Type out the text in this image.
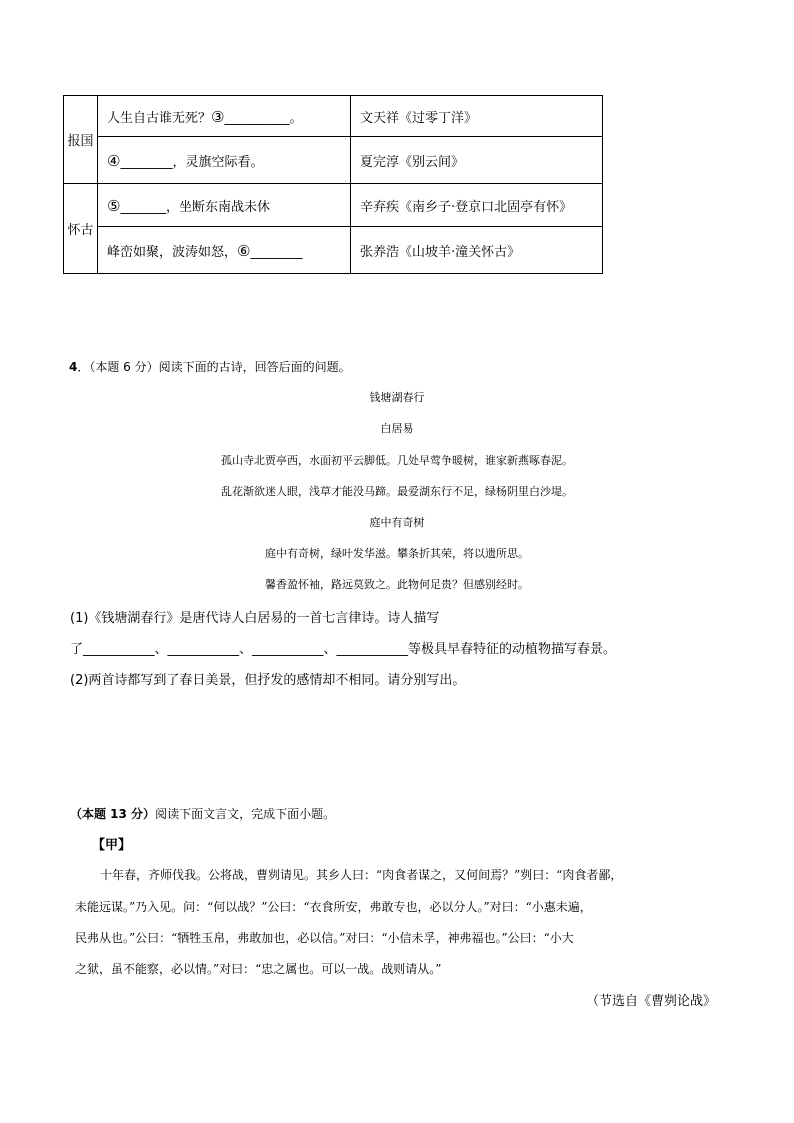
报国	人生自古谁无死？③__________。	文天祥《过零丁洋》
	④________，灵旗空际看。	夏完淳《别云间》
怀古	⑤_______，坐断东南战未休	辛弃疾《南乡子·登京口北固亭有怀》
	峰峦如聚，波涛如怒，⑥________	张养浩《山坡羊·潼关怀古》
4．（本题 6 分）阅读下面的古诗，回答后面的问题。
钱塘湖春行
白居易
孤山寺北贾亭西，水面初平云脚低。几处早莺争暖树，谁家新燕啄春泥。
乱花渐欲迷人眼，浅草才能没马蹄。最爱湖东行不足，绿杨阴里白沙堤。
庭中有奇树
庭中有奇树，绿叶发华滋。攀条折其荣，将以遗所思。
馨香盈怀袖，路远莫致之。此物何足贵？但感别经时。
(1)《钱塘湖春行》是唐代诗人白居易的一首七言律诗。诗人描写
了___________、___________、___________、___________等极具早春特征的动植物描写春景。
(2)两首诗都写到了春日美景，但抒发的感情却不相同。请分别写出。
（本题 13 分）阅读下面文言文，完成下面小题。
【甲】
十年春，齐师伐我。公将战，曹刿请见。其乡人曰：“肉食者谋之，又何间焉？”刿曰：“肉食者鄙，
未能远谋。”乃入见。问：“何以战？”公曰：“衣食所安，弗敢专也，必以分人。”对曰：“小惠未遍，
民弗从也。”公曰：“牺牲玉帛，弗敢加也，必以信。”对曰：“小信未孚，神弗福也。”公曰：“小大
之狱，虽不能察，必以情。”对曰：“忠之属也。可以一战。战则请从。”
（节选自《曹刿论战》
